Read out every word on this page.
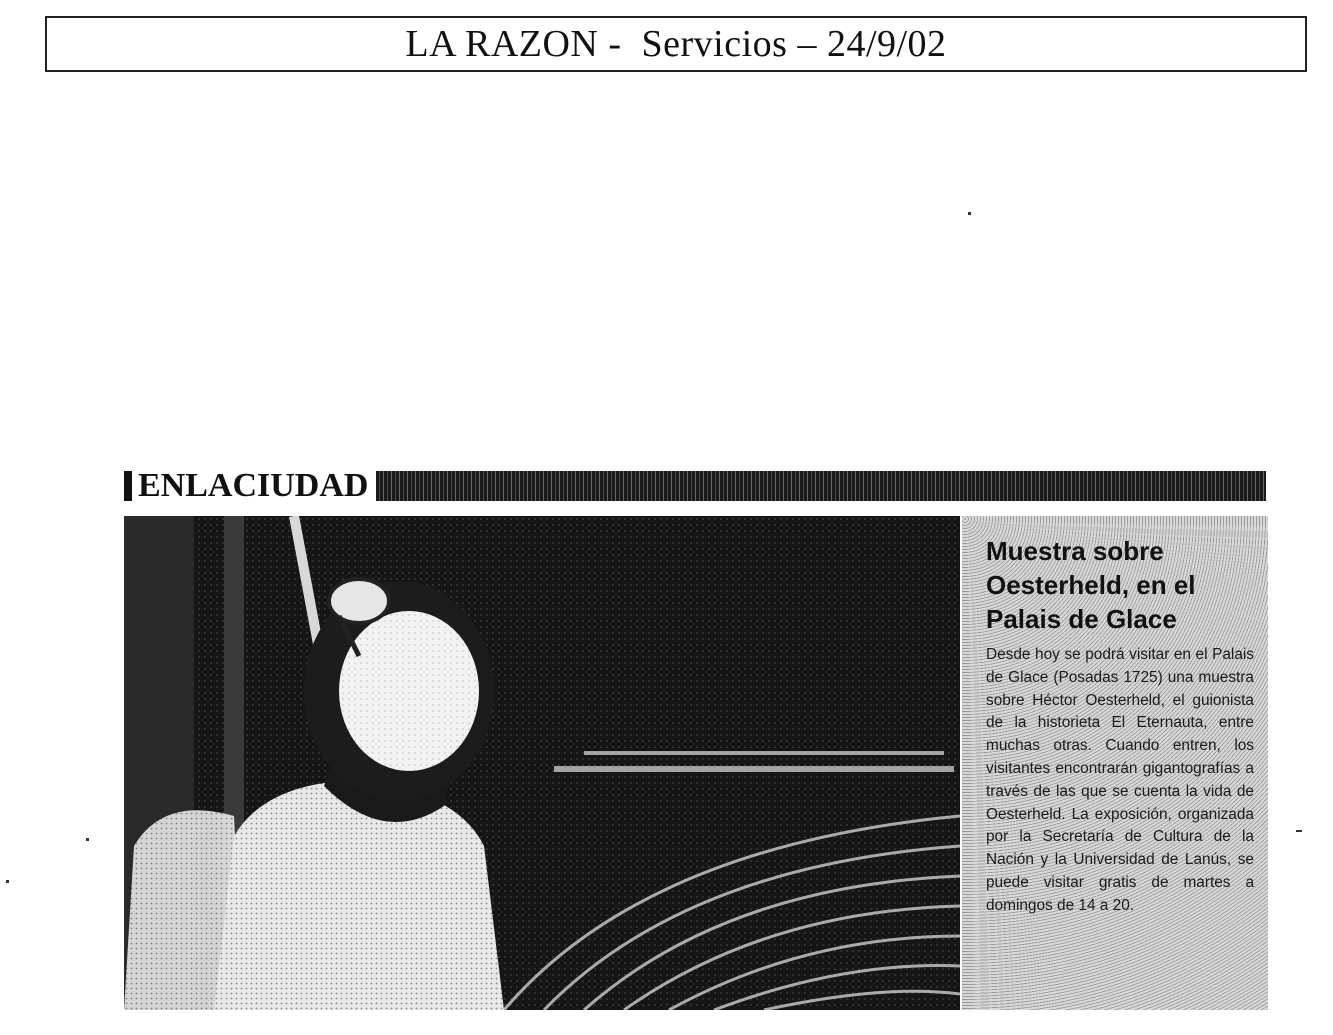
LA RAZON -  Servicios – 24/9/02
ENLACIUDAD
Muestra sobre Oesterheld, en el Palais de Glace

Desde hoy se podrá visitar en el Palais de Glace (Posadas 1725) una muestra sobre Héctor Oesterheld, el guionista de la historieta El Eternauta, entre muchas otras. Cuando entren, los visitantes encontrarán gigantografías a través de las que se cuenta la vida de Oesterheld. La exposición, organizada por la Secretaría de Cultura de la Nación y la Universidad de Lanús, se puede visitar gratis de martes a domingos de 14 a 20.
